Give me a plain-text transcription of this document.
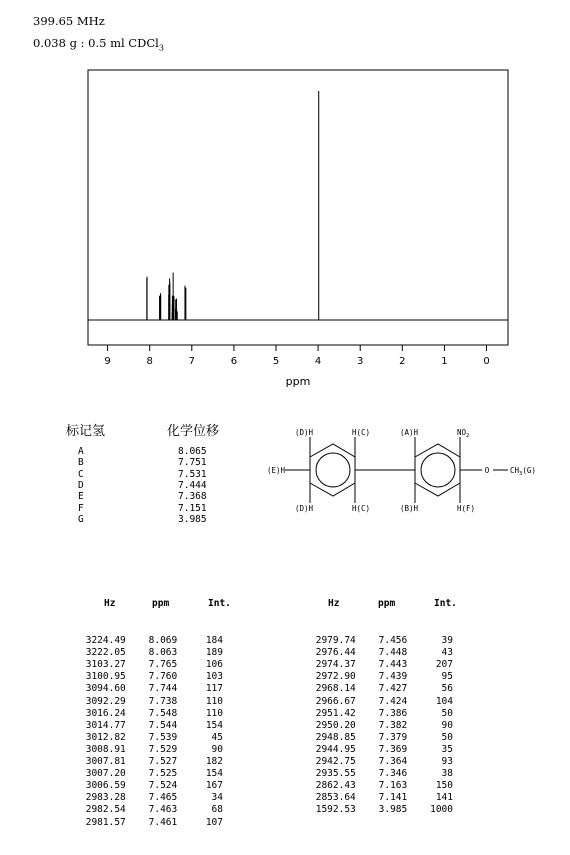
399.65 MHz
0.038 g : 0.5 ml CDCl$_3$
9	8	7	6	5	4	3	2	1	0
ppm
标记氢	化学位移
A	8.065
B	7.751
C	7.531
D	7.444
E	7.368
F	7.151
G	3.985
(D)H	H(C)	(A)H	$NO_2$
(E)H	O	$CH_3(G)$
(D)H	H(C)	(B)H	H(F)
Hz	ppm	Int.
3224.49    8.069     184
3222.05    8.063     189
3103.27    7.765     106
3100.95    7.760     103
3094.60    7.744     117
3092.29    7.738     110
3016.24    7.548     110
3014.77    7.544     154
3012.82    7.539      45
3008.91    7.529      90
3007.81    7.527     182
3007.20    7.525     154
3006.59    7.524     167
2983.28    7.465      34
2982.54    7.463      68
2981.57    7.461     107
Hz	ppm	Int.
2979.74    7.456      39
2976.44    7.448      43
2974.37    7.443     207
2972.90    7.439      95
2968.14    7.427      56
2966.67    7.424     104
2951.42    7.386      50
2950.20    7.382      90
2948.85    7.379      50
2944.95    7.369      35
2942.75    7.364      93
2935.55    7.346      38
2862.43    7.163     150
2853.64    7.141     141
1592.53    3.985    1000
